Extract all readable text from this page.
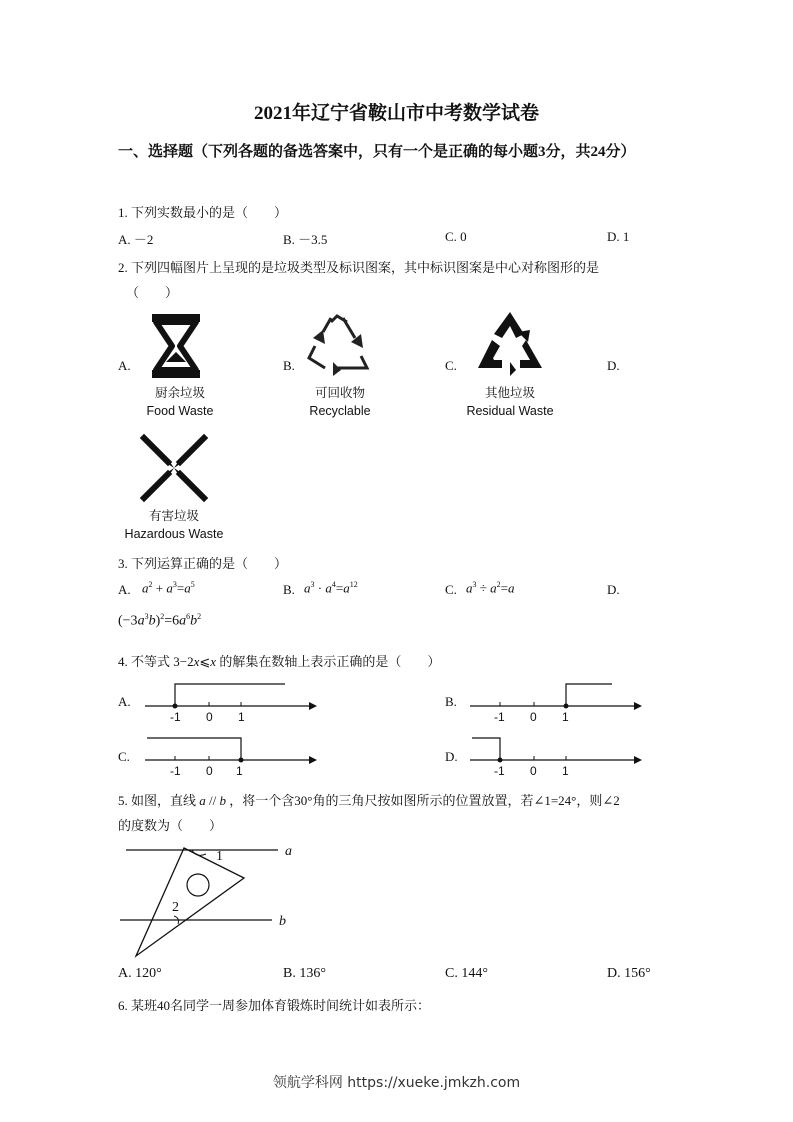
2021年辽宁省鞍山市中考数学试卷
一、选择题（下列各题的备选答案中，只有一个是正确的每小题3分，共24分）
1. 下列实数最小的是（　　）
A. －2	B. －3.5	C. 0	D. 1
2. 下列四幅图片上呈现的是垃圾类型及标识图案，其中标识图案是中心对称图形的是
（　　）
A.	B.	C.	D.
厨余垃圾
Food Waste
可回收物
Recyclable
其他垃圾
Residual Waste
有害垃圾
Hazardous Waste
3. 下列运算正确的是（　　）
A. $a^2 + a^3=a^5$	B. $a^3 \cdot a^4=a^{12}$	C. $a^3 \div a^2=a$	D.
$(-3a^3b)^2=6a^6b^2$
4. 不等式 3−2x⩽x 的解集在数轴上表示正确的是（　　）
A.
-1 0 1
B.
-1 0 1
C.
-1 0 1
D.
-1 0 1
5. 如图，直线 a // b ，将一个含30°角的三角尺按如图所示的位置放置，若∠1=24°，则∠2
的度数为（　　）
a
b
1
2
A. 120°	B. 136°	C. 144°	D. 156°
6. 某班40名同学一周参加体育锻炼时间统计如表所示：
领航学科网 https://xueke.jmkzh.com
